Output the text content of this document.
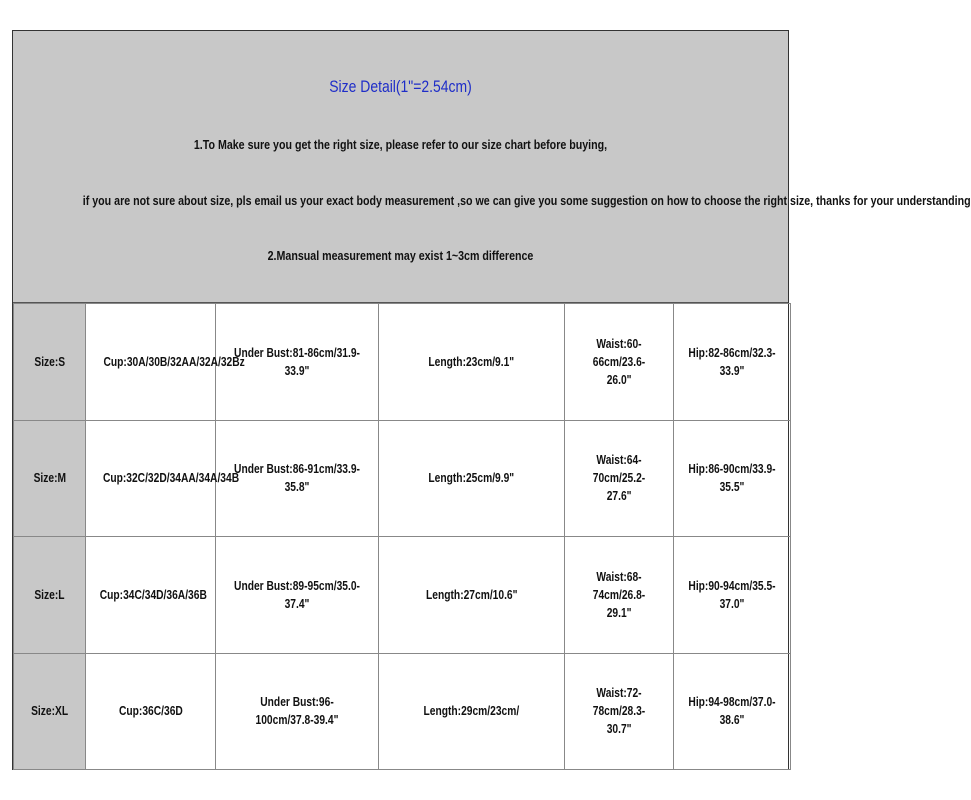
Size Detail(1"=2.54cm)
1.To Make sure you get the right size, please refer to our size chart before buying,
if you are not sure about size, pls email us your exact body measurement ,so we can give you some suggestion on how to choose the right size, thanks for your understanding
2.Mansual measurement may exist 1~3cm difference
Size:S	Cup:30A/30B/32AA/32A/32Bz	Under Bust:81-86cm/31.9-33.9"	Length:23cm/9.1"	Waist:60-66cm/23.6-
26.0"	Hip:82-86cm/32.3-33.9"
Size:M	Cup:32C/32D/34AA/34A/34B	Under Bust:86-91cm/33.9-35.8"	Length:25cm/9.9"	Waist:64-70cm/25.2-
27.6"	Hip:86-90cm/33.9-35.5"
Size:L	Cup:34C/34D/36A/36B	Under Bust:89-95cm/35.0-37.4"	Length:27cm/10.6"	Waist:68-74cm/26.8-
29.1"	Hip:90-94cm/35.5-37.0"
Size:XL	Cup:36C/36D	Under Bust:96-100cm/37.8-39.4"	Length:29cm/23cm/	Waist:72-78cm/28.3-
30.7"	Hip:94-98cm/37.0-38.6"
